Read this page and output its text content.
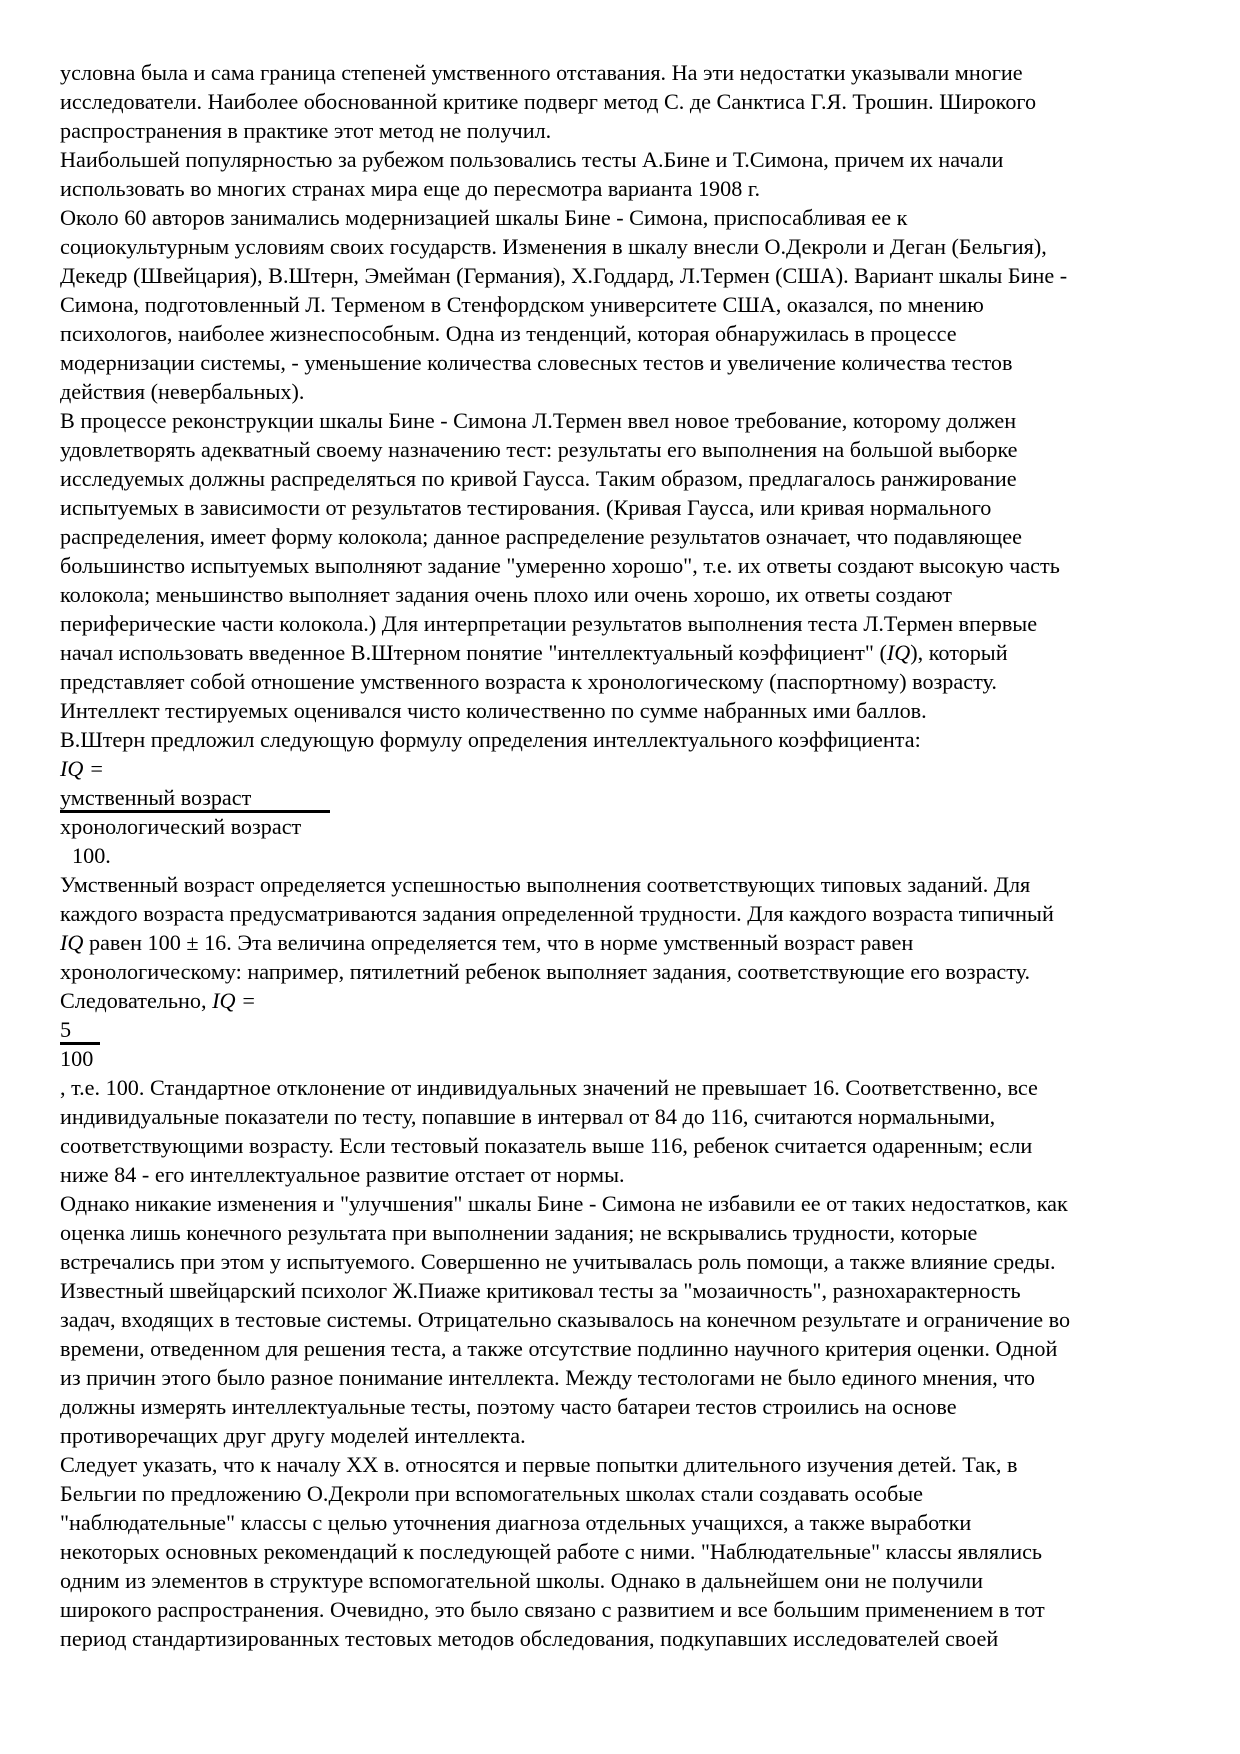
условна была и сама граница степеней умственного отставания. На эти недостатки указывали многие
исследователи. Наиболее обоснованной критике подверг метод С. де Санктиса Г.Я. Трошин. Широкого
распространения в практике этот метод не получил.
Наибольшей популярностью за рубежом пользовались тесты А.Бине и Т.Симона, причем их начали
использовать во многих странах мира еще до пересмотра варианта 1908 г.
Около 60 авторов занимались модернизацией шкалы Бине - Симона, приспосабливая ее к
социокультурным условиям своих государств. Изменения в шкалу внесли О.Декроли и Деган (Бельгия),
Декедр (Швейцария), В.Штерн, Эмейман (Германия), Х.Годдард, Л.Термен (США). Вариант шкалы Бине -
Симона, подготовленный Л. Терменом в Стенфордском университете США, оказался, по мнению
психологов, наиболее жизнеспособным. Одна из тенденций, которая обнаружилась в процессе
модернизации системы, - уменьшение количества словесных тестов и увеличение количества тестов
действия (невербальных).
В процессе реконструкции шкалы Бине - Симона Л.Термен ввел новое требование, которому должен
удовлетворять адекватный своему назначению тест: результаты его выполнения на большой выборке
исследуемых должны распределяться по кривой Гаусса. Таким образом, предлагалось ранжирование
испытуемых в зависимости от результатов тестирования. (Кривая Гаусса, или кривая нормального
распределения, имеет форму колокола; данное распределение результатов означает, что подавляющее
большинство испытуемых выполняют задание "умеренно хорошо", т.е. их ответы создают высокую часть
колокола; меньшинство выполняет задания очень плохо или очень хорошо, их ответы создают
периферические части колокола.) Для интерпретации результатов выполнения теста Л.Термен впервые
начал использовать введенное В.Штерном понятие "интеллектуальный коэффициент" (IQ), который
представляет собой отношение умственного возраста к хронологическому (паспортному) возрасту.
Интеллект тестируемых оценивался чисто количественно по сумме набранных ими баллов.
В.Штерн предложил следующую формулу определения интеллектуального коэффициента:
IQ =
умственный возраст
хронологический возраст
100.
Умственный возраст определяется успешностью выполнения соответствующих типовых заданий. Для
каждого возраста предусматриваются задания определенной трудности. Для каждого возраста типичный
IQ равен 100 ± 16. Эта величина определяется тем, что в норме умственный возраст равен
хронологическому: например, пятилетний ребенок выполняет задания, соответствующие его возрасту.
Следовательно, IQ =
5
100
, т.е. 100. Стандартное отклонение от индивидуальных значений не превышает 16. Соответственно, все
индивидуальные показатели по тесту, попавшие в интервал от 84 до 116, считаются нормальными,
соответствующими возрасту. Если тестовый показатель выше 116, ребенок считается одаренным; если
ниже 84 - его интеллектуальное развитие отстает от нормы.
Однако никакие изменения и "улучшения" шкалы Бине - Симона не избавили ее от таких недостатков, как
оценка лишь конечного результата при выполнении задания; не вскрывались трудности, которые
встречались при этом у испытуемого. Совершенно не учитывалась роль помощи, а также влияние среды.
Известный швейцарский психолог Ж.Пиаже критиковал тесты за "мозаичность", разнохарактерность
задач, входящих в тестовые системы. Отрицательно сказывалось на конечном результате и ограничение во
времени, отведенном для решения теста, а также отсутствие подлинно научного критерия оценки. Одной
из причин этого было разное понимание интеллекта. Между тестологами не было единого мнения, что
должны измерять интеллектуальные тесты, поэтому часто батареи тестов строились на основе
противоречащих друг другу моделей интеллекта.
Следует указать, что к началу XX в. относятся и первые попытки длительного изучения детей. Так, в
Бельгии по предложению О.Декроли при вспомогательных школах стали создавать особые
"наблюдательные" классы с целью уточнения диагноза отдельных учащихся, а также выработки
некоторых основных рекомендаций к последующей работе с ними. "Наблюдательные" классы являлись
одним из элементов в структуре вспомогательной школы. Однако в дальнейшем они не получили
широкого распространения. Очевидно, это было связано с развитием и все большим применением в тот
период стандартизированных тестовых методов обследования, подкупавших исследователей своей
